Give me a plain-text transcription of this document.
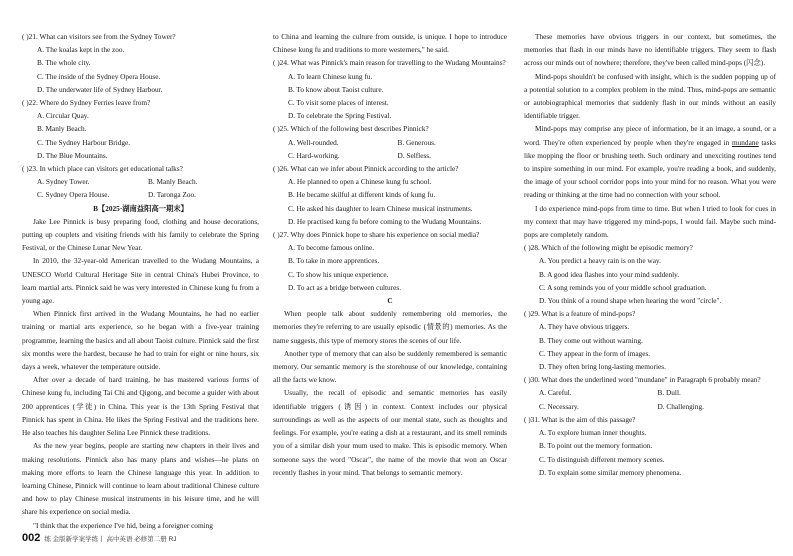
( )21. What can visitors see from the Sydney Tower?
A. The koalas kept in the zoo.
B. The whole city.
C. The inside of the Sydney Opera House.
D. The underwater life of Sydney Harbour.
( )22. Where do Sydney Ferries leave from?
A. Circular Quay.
B. Manly Beach.
C. The Sydney Harbour Bridge.
D. The Blue Mountains.
( )23. In which place can visitors get educational talks?
A. Sydney Tower.	B. Manly Beach.
C. Sydney Opera House.	D. Taronga Zoo.
B【2025·湖南益阳高一期末】
Jake Lee Pinnick is busy preparing food, clothing and house decorations, putting up couplets and visiting friends with his family to celebrate the Spring Festival, or the Chinese Lunar New Year.
In 2010, the 32-year-old American travelled to the Wudang Mountains, a UNESCO World Cultural Heritage Site in central China's Hubei Province, to learn martial arts. Pinnick said he was very interested in Chinese kung fu from a young age.
When Pinnick first arrived in the Wudang Mountains, he had no earlier training or martial arts experience, so he began with a five-year training programme, learning the basics and all about Taoist culture. Pinnick said the first six months were the hardest, because he had to train for eight or nine hours, six days a week, whatever the temperature outside.
After over a decade of hard training, he has mastered various forms of Chinese kung fu, including Tai Chi and Qigong, and become a guider with about 200 apprentices (学徒) in China. This year is the 13th Spring Festival that Pinnick has spent in China. He likes the Spring Festival and the traditions here. He also teaches his daughter Selina Lee Pinnick these traditions.
As the new year begins, people are starting new chapters in their lives and making resolutions. Pinnick also has many plans and wishes—he plans on making more efforts to learn the Chinese language this year. In addition to learning Chinese, Pinnick will continue to learn about traditional Chinese culture and how to play Chinese musical instruments in his leisure time, and he will share his experience on social media.
"I think that the experience I've hid, being a foreigner coming
to China and learning the culture from outside, is unique. I hope to introduce Chinese kung fu and traditions to more westerners," he said.
( )24. What was Pinnick's main reason for travelling to the Wudang Mountains?
A. To learn Chinese kung fu.
B. To know about Taoist culture.
C. To visit some places of interest.
D. To celebrate the Spring Festival.
( )25. Which of the following best describes Pinnick?
A. Well-rounded.	B. Generous.
C. Hard-working.	D. Selfless.
( )26. What can we infer about Pinnick according to the article?
A. He planned to open a Chinese kung fu school.
B. He became skilful at different kinds of kung fu.
C. He asked his daughter to learn Chinese musical instruments.
D. He practised kung fu before coming to the Wudang Mountains.
( )27. Why does Pinnick hope to share his experience on social media?
A. To become famous online.
B. To take in more apprentices.
C. To show his unique experience.
D. To act as a bridge between cultures.
C
When people talk about suddenly remembering old memories, the memories they're referring to are usually episodic (情景的) memories. As the name suggests, this type of memory stores the scenes of our life.
Another type of memory that can also be suddenly remembered is semantic memory. Our semantic memory is the storehouse of our knowledge, containing all the facts we know.
Usually, the recall of episodic and semantic memories has easily identifiable triggers (诱因) in context. Context includes our physical surroundings as well as the aspects of our mental state, such as thoughts and feelings. For example, you're eating a dish at a restaurant, and its smell reminds you of a similar dish your mum used to make. This is episodic memory. When someone says the word "Oscar", the name of the movie that won an Oscar recently flashes in your mind. That belongs to semantic memory.
These memories have obvious triggers in our context, but sometimes, the memories that flash in our minds have no identifiable triggers. They seem to flash across our minds out of nowhere; therefore, they've been called mind-pops (闪念).
Mind-pops shouldn't be confused with insight, which is the sudden popping up of a potential solution to a complex problem in the mind. Thus, mind-pops are semantic or autobiographical memories that suddenly flash in our minds without an easily identifiable trigger.
Mind-pops may comprise any piece of information, be it an image, a sound, or a word. They're often experienced by people when they're engaged in mundane tasks like mopping the floor or brushing teeth. Such ordinary and unexciting routines tend to inspire something in our mind. For example, you're reading a book, and suddenly, the image of your school corridor pops into your mind for no reason. What you were reading or thinking at the time had no connection with your school.
I do experience mind-pops from time to time. But when I tried to look for cues in my context that may have triggered my mind-pops, I would fail. Maybe such mind-pops are completely random.
( )28. Which of the following might be episodic memory?
A. You predict a heavy rain is on the way.
B. A good idea flashes into your mind suddenly.
C. A song reminds you of your middle school graduation.
D. You think of a round shape when hearing the word "circle".
( )29. What is a feature of mind-pops?
A. They have obvious triggers.
B. They come out without warning.
C. They appear in the form of images.
D. They often bring long-lasting memories.
( )30. What does the underlined word "mundane" in Paragraph 6 probably mean?
A. Careful.	B. Dull.
C. Necessary.	D. Challenging.
( )31. What is the aim of this passage?
A. To explore human inner thoughts.
B. To point out the memory formation.
C. To distinguish different memory scenes.
D. To explain some similar memory phenomena.
002 练 金版新学案学练丨 高中英语 必修第二册 RJ
